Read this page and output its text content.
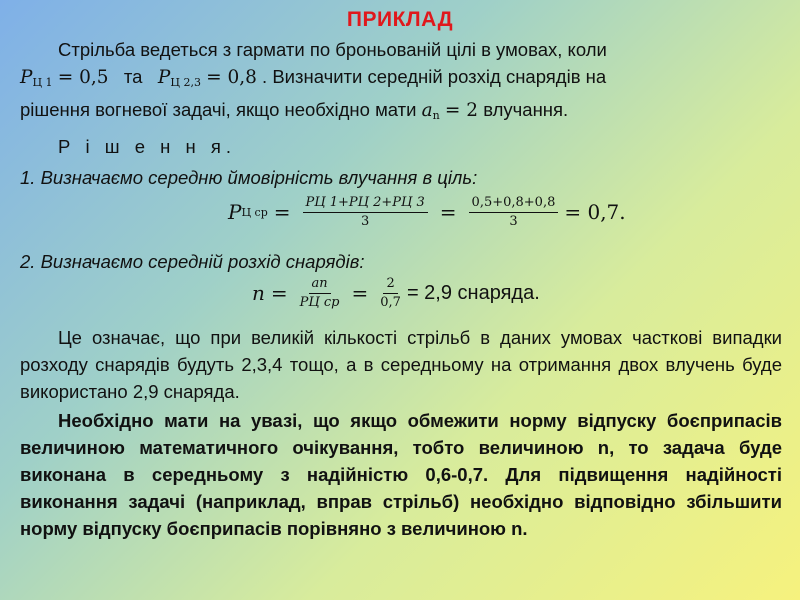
ПРИКЛАД
Стрільба ведеться з гармати по броньованій цілі в умовах, коли
$P_{Ц 1} = 0,5$ та $P_{Ц 2,3} = 0,8$ . Визначити середній розхід снарядів на
рішення вогневої задачі, якщо необхідно мати $a_n = 2$ влучання.
Р і ш е н н я.
1. Визначаємо середню ймовірність влучання в ціль:
P Ц ср = $\frac{PЦ 1+PЦ 2+PЦ 3}{3} = \frac{0,5+0,8+0,8}{3} = 0,7$.
2. Визначаємо середній розхід снарядів:
$n = \frac{an}{\text{PЦ ср}} = \frac{2}{0,7} = 2,9$ снаряда.
Це означає, що при великій кількості стрільб в даних умовах часткові випадки розходу снарядів будуть 2,3,4 тощо, а в середньому на отримання двох влучень буде використано 2,9 снаряда.
Необхідно мати на увазі, що якщо обмежити норму відпуску боєприпасів величиною математичного очікування, тобто величиною n, то задача буде виконана в середньому з надійністю 0,6-0,7. Для підвищення надійності виконання задачі (наприклад, вправ стрільб) необхідно відповідно збільшити норму відпуску боєприпасів порівняно з величиною n.
